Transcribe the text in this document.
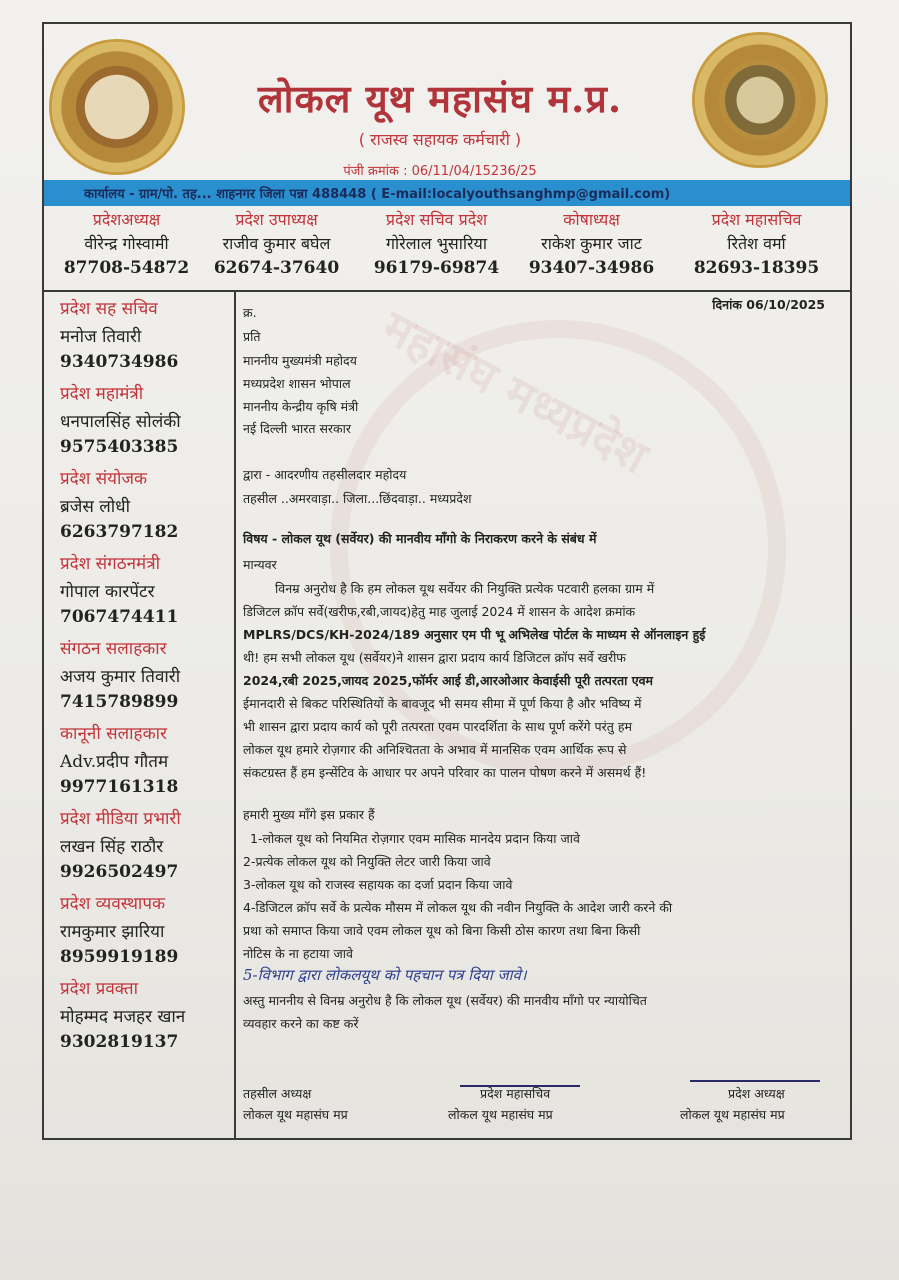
महासंघ मध्यप्रदेश
लोकल यूथ महासंघ म.प्र.
( राजस्व सहायक कर्मचारी )
पंजी क्रमांक : 06/11/04/15236/25
कार्यालय - ग्राम/पो. तह... शाहनगर जिला पन्ना 488448 ( E-mail:localyouthsanghmp@gmail.com)
प्रदेशअध्यक्ष
वीरेन्द्र गोस्वामी
87708-54872
प्रदेश उपाध्यक्ष
राजीव कुमार बघेल
62674-37640
प्रदेश सचिव प्रदेश
गोरेलाल भुसारिया
96179-69874
कोषाध्यक्ष
राकेश कुमार जाट
93407-34986
प्रदेश महासचिव
रितेश वर्मा
82693-18395
प्रदेश सह सचिव
मनोज तिवारी
9340734986
प्रदेश महामंत्री
धनपालसिंह सोलंकी
9575403385
प्रदेश संयोजक
ब्रजेस लोधी
6263797182
प्रदेश संगठनमंत्री
गोपाल कारपेंटर
7067474411
संगठन सलाहकार
अजय कुमार तिवारी
7415789899
कानूनी सलाहकार
Adv.प्रदीप गौतम
9977161318
प्रदेश मीडिया प्रभारी
लखन सिंह राठौर
9926502497
प्रदेश व्यवस्थापक
रामकुमार झारिया
8959919189
प्रदेश प्रवक्ता
मोहम्मद मजहर खान
9302819137
क्र.
दिनांक 06/10/2025
प्रति
माननीय मुख्यमंत्री महोदय
मध्यप्रदेश शासन भोपाल
माननीय केन्द्रीय कृषि मंत्री
नई दिल्ली भारत सरकार
द्वारा - आदरणीय तहसीलदार महोदय
तहसील ..अमरवाड़ा.. जिला...छिंदवाड़ा.. मध्यप्रदेश
विषय - लोकल यूथ (सर्वेयर) की मानवीय माँगो के निराकरण करने के संबंध में
मान्यवर
विनम्र अनुरोध है कि हम लोकल यूथ सर्वेयर की नियुक्ति प्रत्येक पटवारी हलका ग्राम में
डिजिटल क्रॉप सर्वे(खरीफ,रबी,जायद)हेतु माह जुलाई 2024 में शासन के आदेश क्रमांक
MPLRS/DCS/KH-2024/189 अनुसार एम पी भू अभिलेख पोर्टल के माध्यम से ऑनलाइन हुई
थी! हम सभी लोकल यूथ (सर्वेयर)ने शासन द्वारा प्रदाय कार्य डिजिटल क्रॉप सर्वे खरीफ
2024,रबी 2025,जायद 2025,फॉर्मर आई डी,आरओआर केवाईसी पूरी तत्परता एवम
ईमानदारी से बिकट परिस्थितियों के बावजूद भी समय सीमा में पूर्ण किया है और भविष्य में
भी शासन द्वारा प्रदाय कार्य को पूरी तत्परता एवम पारदर्शिता के साथ पूर्ण करेंगे परंतु हम
लोकल यूथ हमारे रोज़गार की अनिश्चितता के अभाव में मानसिक एवम आर्थिक रूप से
संकटग्रस्त हैं हम इन्सेंटिव के आधार पर अपने परिवार का पालन पोषण करने में असमर्थ हैं!
हमारी मुख्य माँगे इस प्रकार हैं
1-लोकल यूथ को नियमित रोज़गार एवम मासिक मानदेय प्रदान किया जावे
2-प्रत्येक लोकल यूथ को नियुक्ति लेटर जारी किया जावे
3-लोकल यूथ को राजस्व सहायक का दर्जा प्रदान किया जावे
4-डिजिटल क्रॉप सर्वे के प्रत्येक मौसम में लोकल यूथ की नवीन नियुक्ति के आदेश जारी करने की
प्रथा को समाप्त किया जावे एवम लोकल यूथ को बिना किसी ठोस कारण तथा बिना किसी
नोटिस के ना हटाया जावे
5-विभाग द्वारा लोकलयूथ को पहचान पत्र दिया जावे।
अस्तु माननीय से विनम्र अनुरोध है कि लोकल यूथ (सर्वेयर) की मानवीय माँगो पर न्यायोचित
व्यवहार करने का कष्ट करें
तहसील अध्यक्ष
लोकल यूथ महासंघ मप्र
प्रदेश महासचिव
लोकल यूथ महासंघ मप्र
प्रदेश अध्यक्ष
लोकल यूथ महासंघ मप्र
